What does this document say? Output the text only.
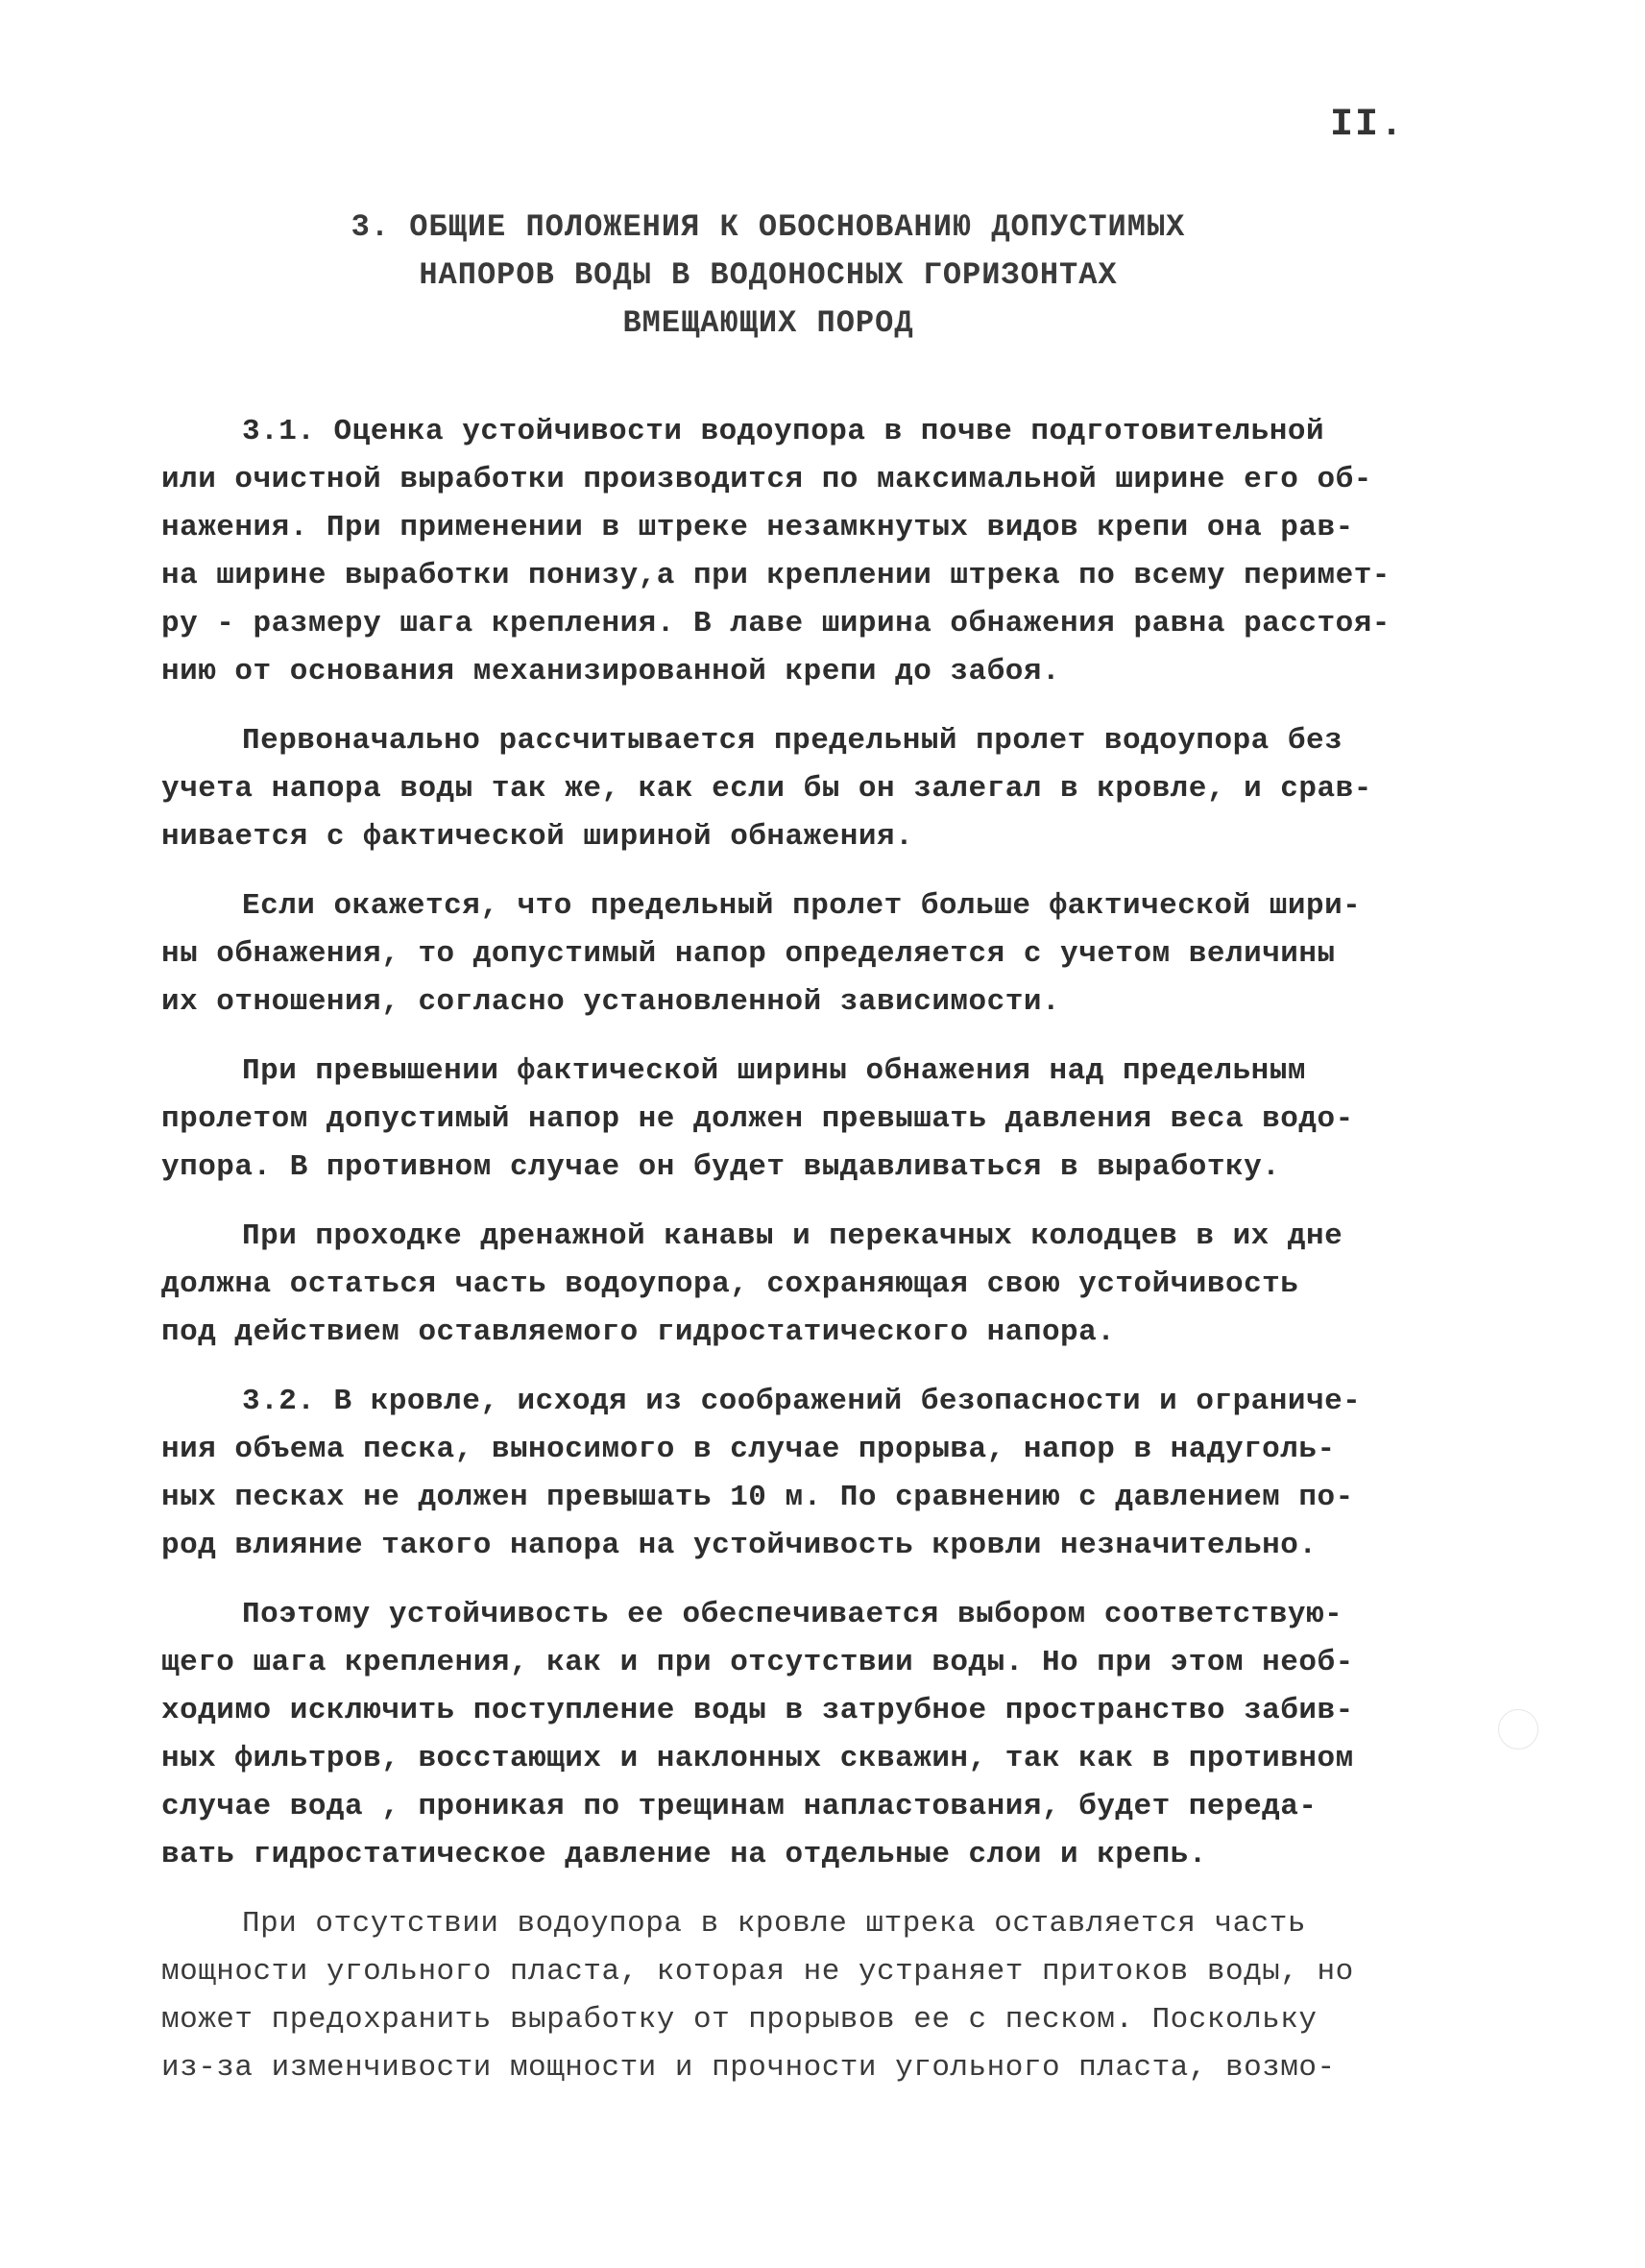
II.
3. ОБЩИЕ ПОЛОЖЕНИЯ К ОБОСНОВАНИЮ ДОПУСТИМЫХ
НАПОРОВ ВОДЫ В ВОДОНОСНЫХ ГОРИЗОНТАХ
ВМЕЩАЮЩИХ ПОРОД
3.1. Оценка устойчивости водоупора в почве подготовительной
или очистной выработки производится по максимальной ширине его об-
нажения. При применении в штреке незамкнутых видов крепи она рав-
на ширине выработки понизу,а при креплении штрека по всему перимет-
ру - размеру шага крепления. В лаве ширина обнажения равна расстоя-
нию от основания механизированной крепи до забоя.
Первоначально рассчитывается предельный пролет водоупора без
учета напора воды так же, как если бы он залегал в кровле, и срав-
нивается с фактической шириной обнажения.
Если окажется, что предельный пролет больше фактической шири-
ны обнажения, то допустимый напор определяется с учетом величины
их отношения, согласно установленной зависимости.
При превышении фактической ширины обнажения над предельным
пролетом допустимый напор не должен превышать давления веса водо-
упора. В противном случае он будет выдавливаться в выработку.
При проходке дренажной канавы и перекачных колодцев в их дне
должна остаться часть водоупора, сохраняющая свою устойчивость
под действием оставляемого гидростатического напора.
3.2. В кровле, исходя из соображений безопасности и ограниче-
ния объема песка, выносимого в случае прорыва, напор в надуголь-
ных песках не должен превышать 10 м. По сравнению с давлением по-
род влияние такого напора на устойчивость кровли незначительно.
Поэтому устойчивость ее обеспечивается выбором соответствую-
щего шага крепления, как и при отсутствии воды. Но при этом необ-
ходимо исключить поступление воды в затрубное пространство забив-
ных фильтров, восстающих и наклонных скважин, так как в противном
случае вода , проникая по трещинам напластования, будет переда-
вать гидростатическое давление на отдельные слои и крепь.
При отсутствии водоупора в кровле штрека оставляется часть
мощности угольного пласта, которая не устраняет притоков воды, но
может предохранить выработку от прорывов ее с песком. Поскольку
из-за изменчивости мощности и прочности угольного пласта, возмо-
